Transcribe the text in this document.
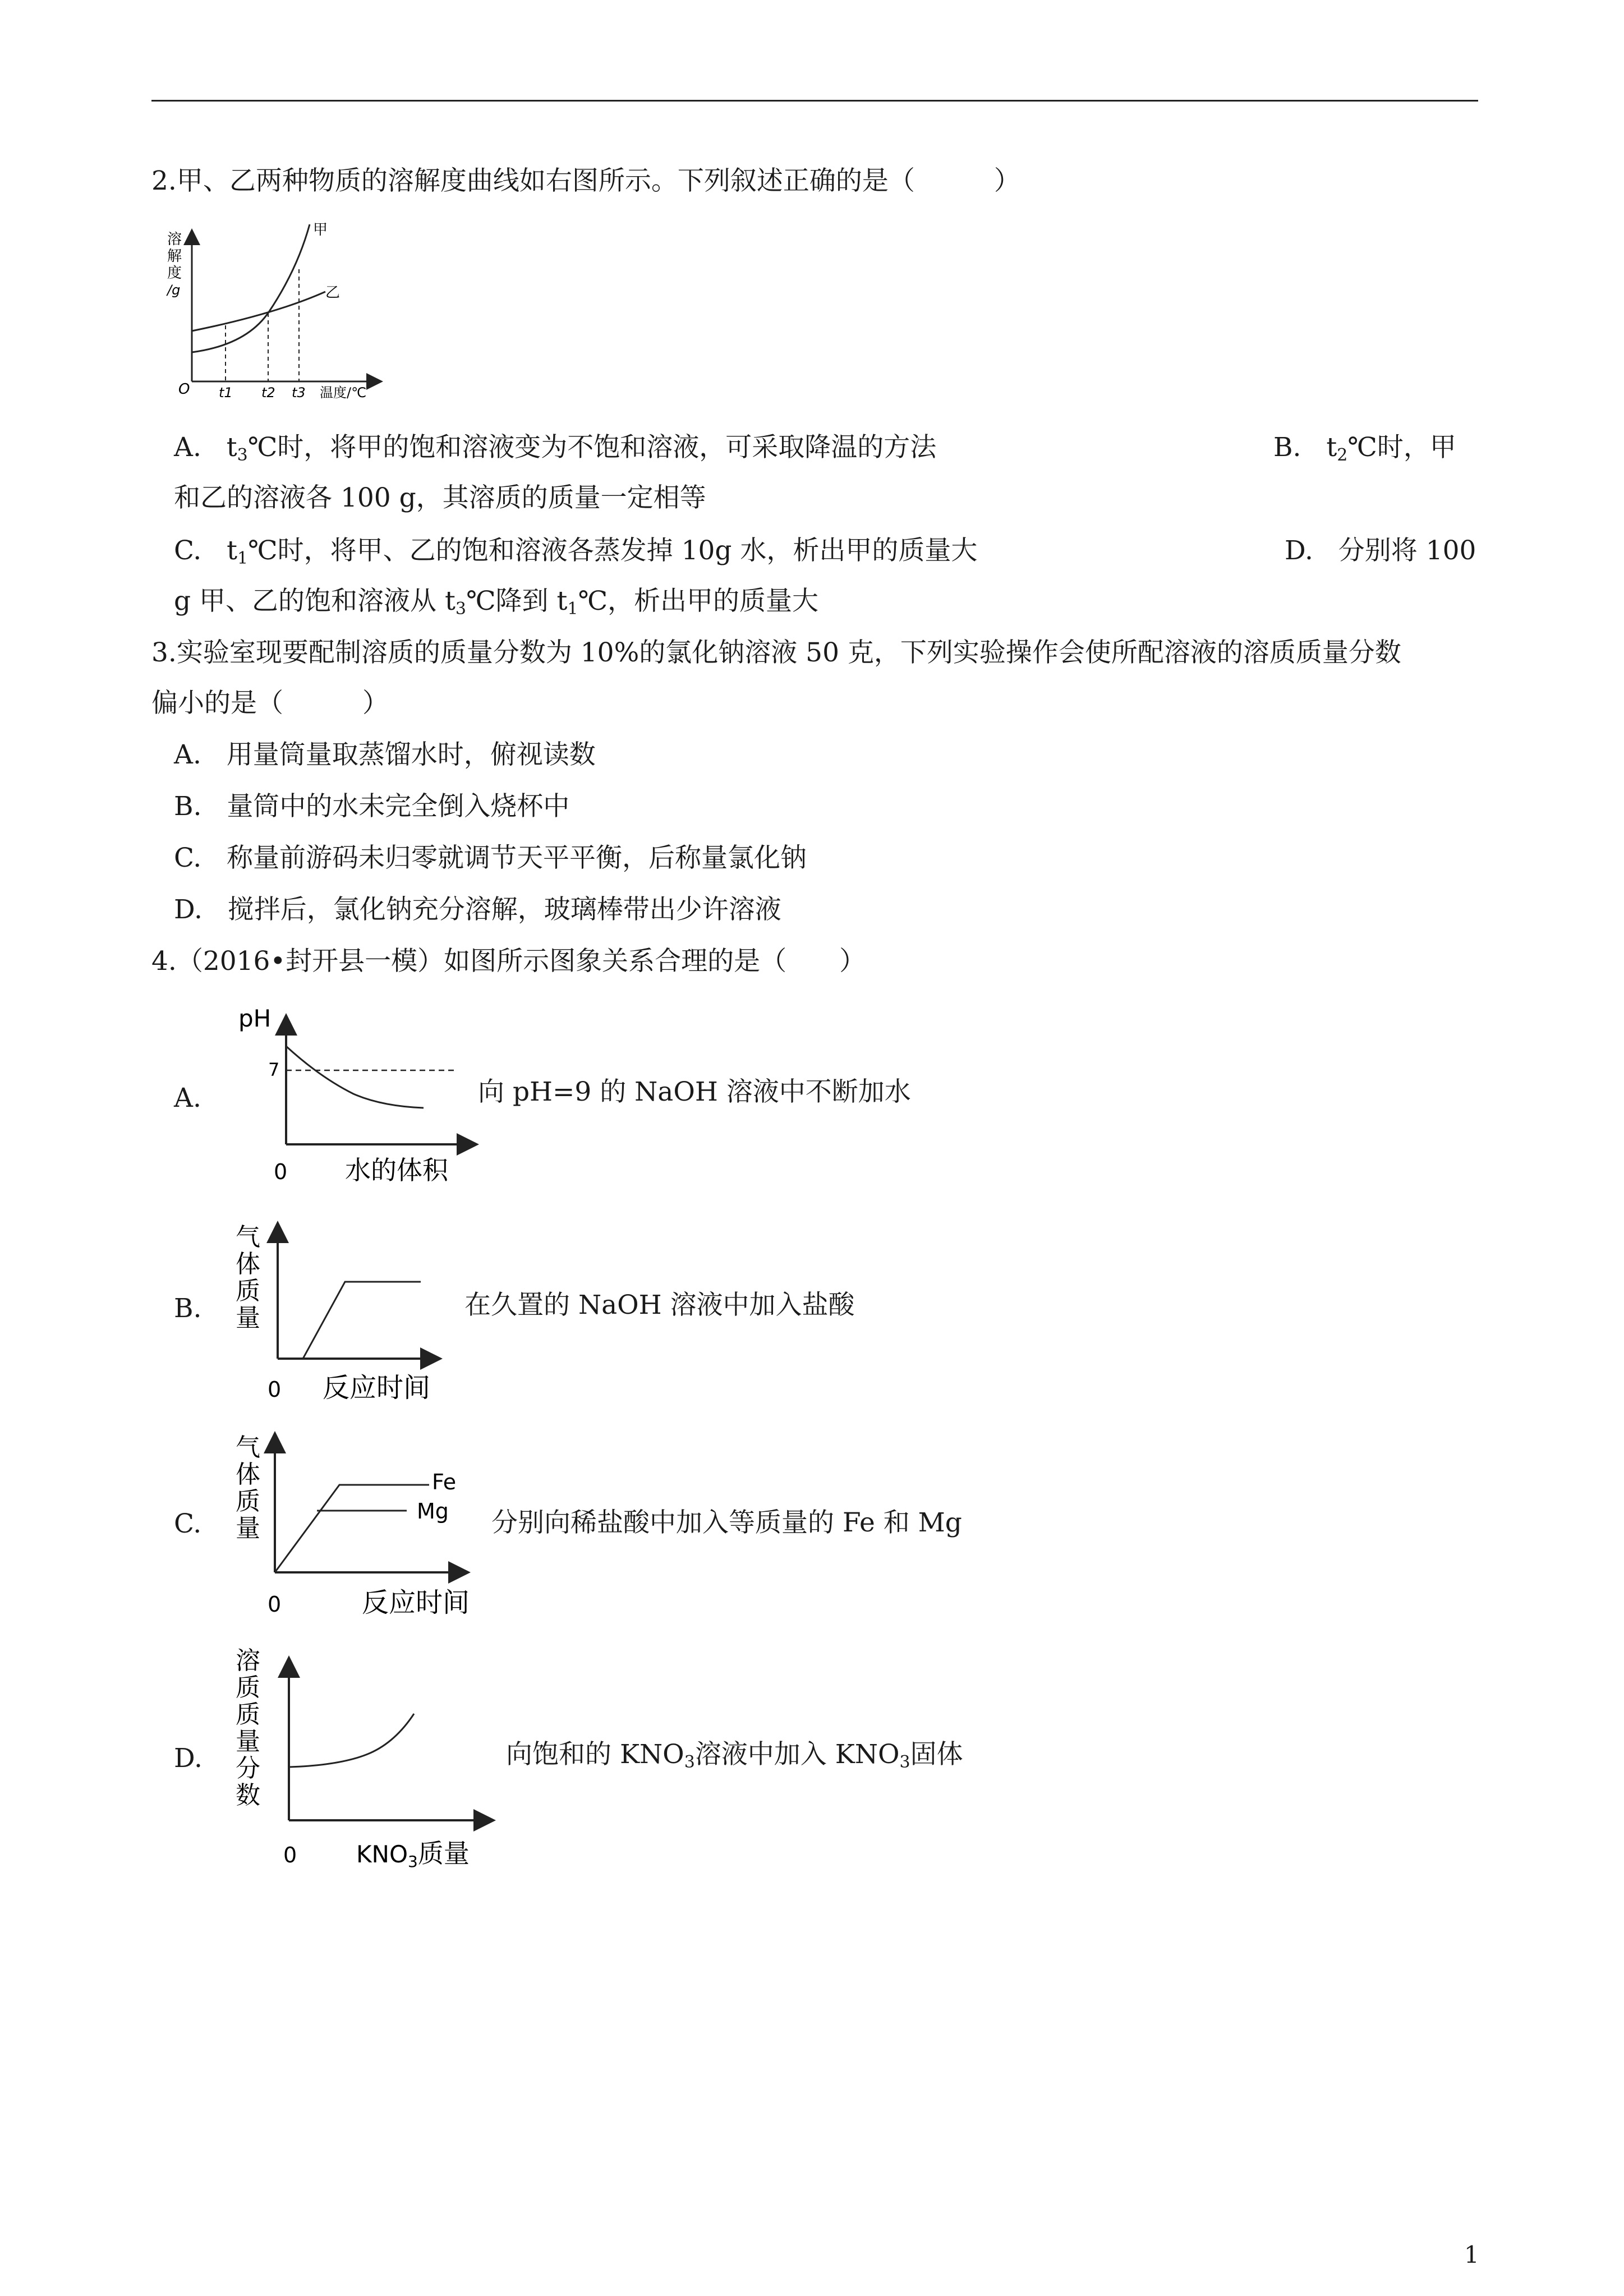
2.甲、乙两种物质的溶解度曲线如右图所示。下列叙述正确的是（　　　）
溶
解
度
/g
O t1 t2 t3 温度/℃
甲
乙
A. $t_3℃$时，将甲的饱和溶液变为不饱和溶液，可采取降温的方法	B. $t_2℃$时，甲
和乙的溶液各 100 g，其溶质的质量一定相等
C. $t_1℃$时，将甲、乙的饱和溶液各蒸发掉 10g 水，析出甲的质量大	D. 分别将 100
g 甲、乙的饱和溶液从 $t_3℃$降到 $t_1℃$，析出甲的质量大
3.实验室现要配制溶质的质量分数为 10%的氯化钠溶液 50 克，下列实验操作会使所配溶液的溶质质量分数
偏小的是（　　　）
A. 用量筒量取蒸馏水时，俯视读数
B. 量筒中的水未完全倒入烧杯中
C. 称量前游码未归零就调节天平平衡，后称量氯化钠
D. 搅拌后，氯化钠充分溶解，玻璃棒带出少许溶液
4.（2016•封开县一模）如图所示图象关系合理的是（　　）
A.
pH
7
0 水的体积
向 pH=9 的 NaOH 溶液中不断加水
B.
气
体
质
量
0 反应时间
在久置的 NaOH 溶液中加入盐酸
C.
Fe
Mg
气
体
质
量
0	反应时间
分别向稀盐酸中加入等质量的 Fe 和 Mg
D.
溶
质
质
量
分
数
0	KNO3质量
向饱和的 $KNO_3$溶液中加入 $KNO_3$固体
1
